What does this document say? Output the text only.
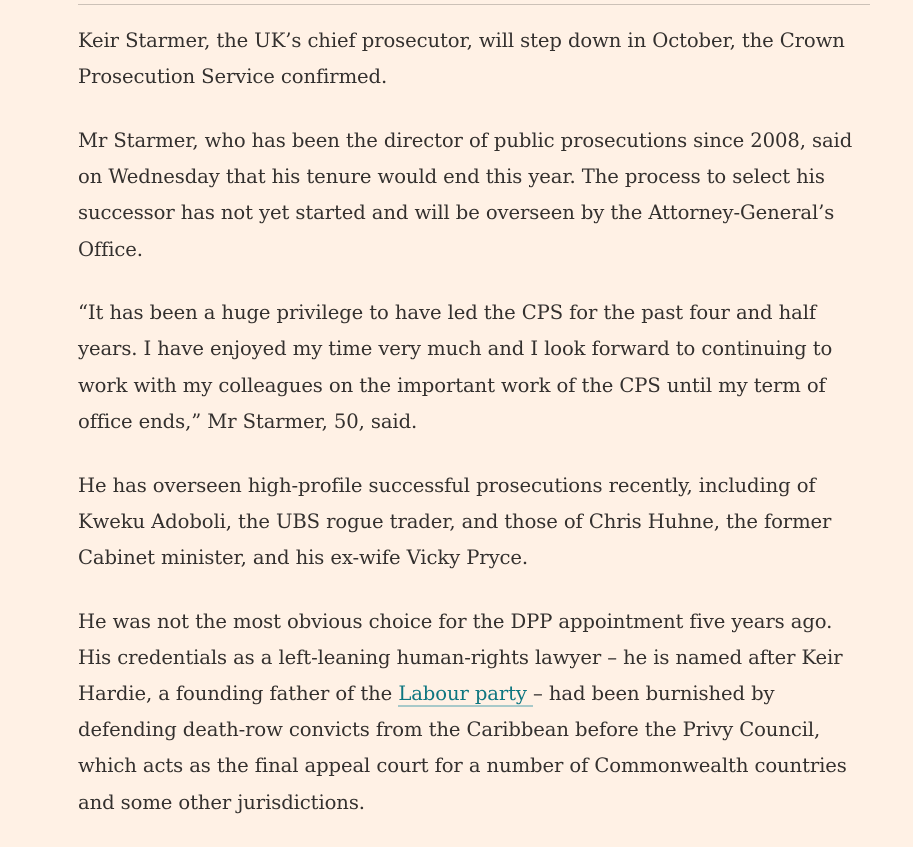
Keir Starmer, the UK’s chief prosecutor, will step down in October, the Crown Prosecution Service confirmed.

Mr Starmer, who has been the director of public prosecutions since 2008, said on Wednesday that his tenure would end this year. The process to select his successor has not yet started and will be overseen by the Attorney-General’s Office.

“It has been a huge privilege to have led the CPS for the past four and half years. I have enjoyed my time very much and I look forward to continuing to work with my colleagues on the important work of the CPS until my term of office ends,” Mr Starmer, 50, said.

He has overseen high-profile successful prosecutions recently, including of Kweku Adoboli, the UBS rogue trader, and those of Chris Huhne, the former Cabinet minister, and his ex-wife Vicky Pryce.

He was not the most obvious choice for the DPP appointment five years ago. His credentials as a left-leaning human-rights lawyer – he is named after Keir Hardie, a founding father of the Labour party – had been burnished by defending death-row convicts from the Caribbean before the Privy Council, which acts as the final appeal court for a number of Commonwealth countries and some other jurisdictions.
